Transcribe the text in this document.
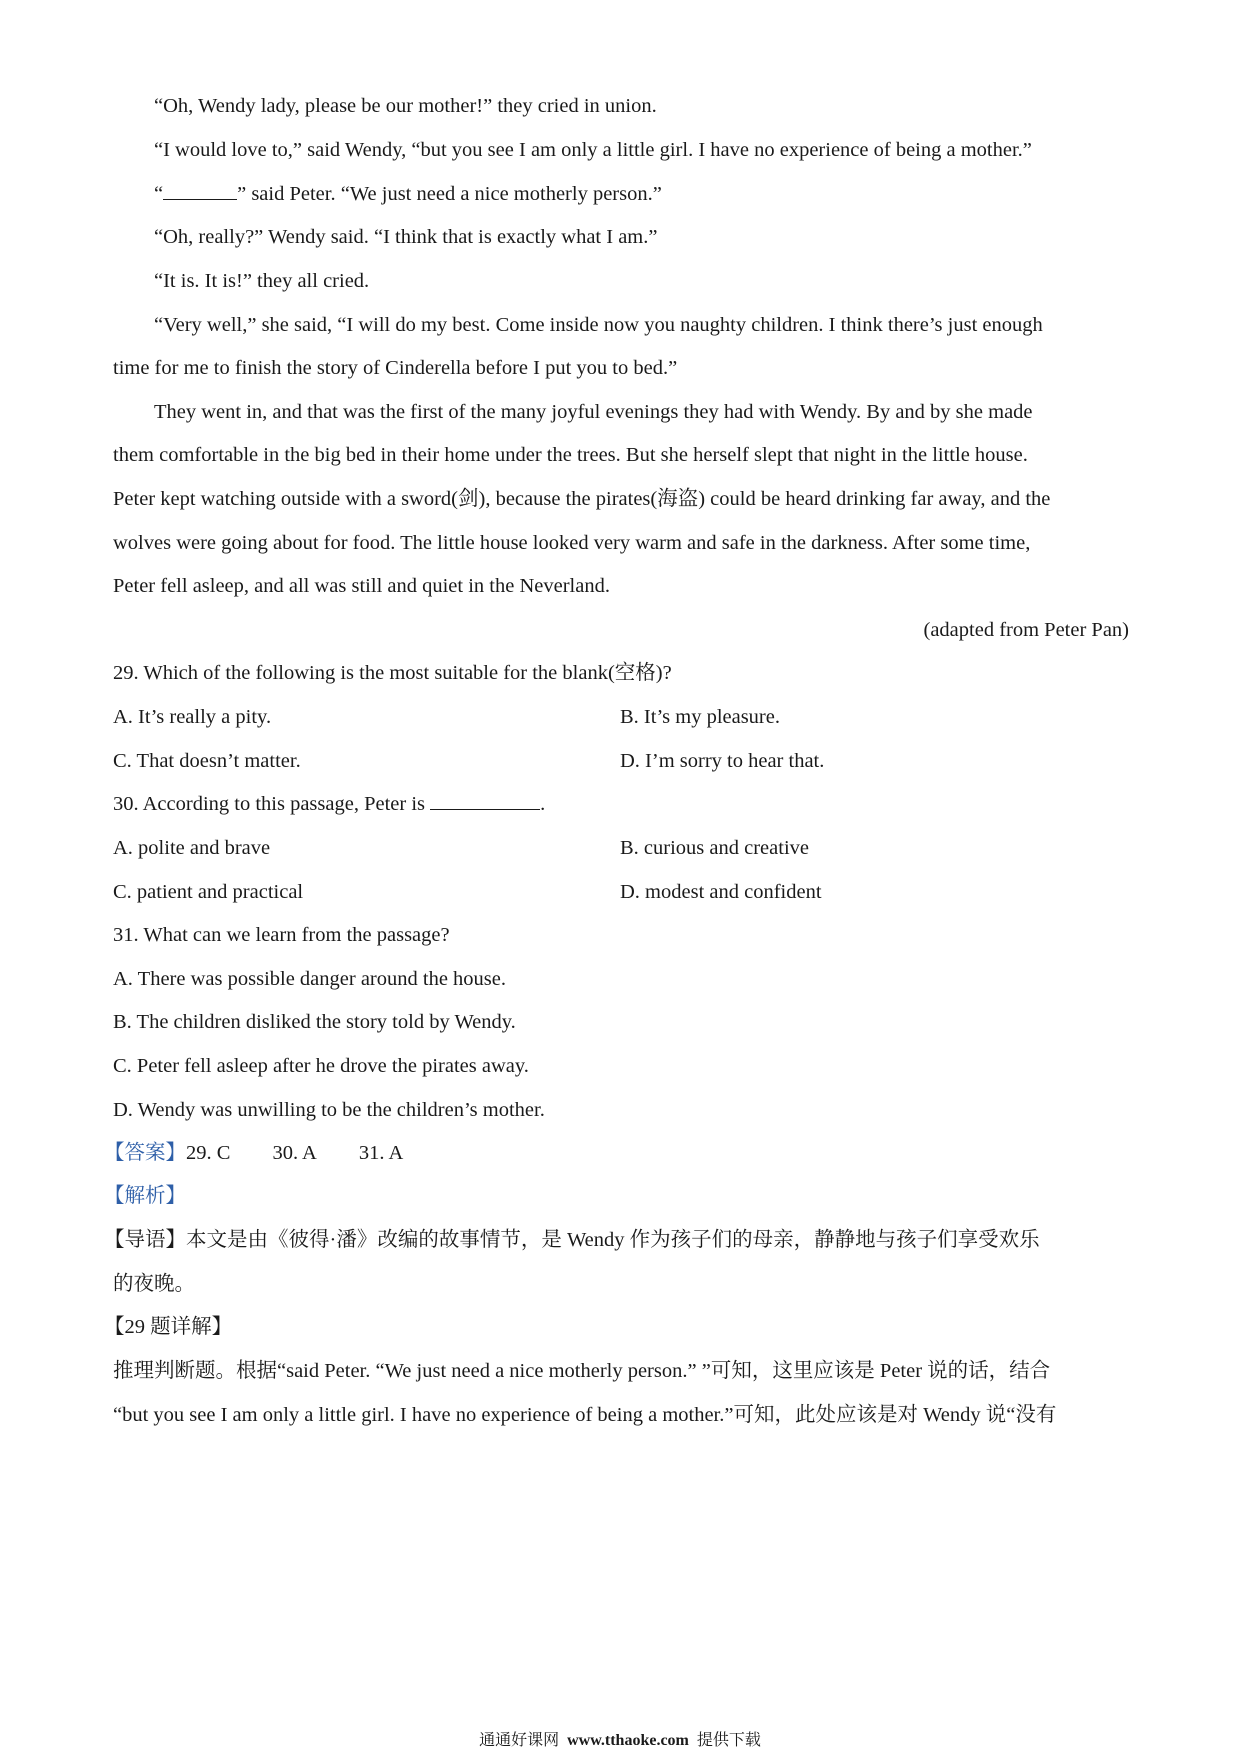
“Oh, Wendy lady, please be our mother!” they cried in union.
“I would love to,” said Wendy, “but you see I am only a little girl. I have no experience of being a mother.”
“	” said Peter. “We just need a nice motherly person.”
“Oh, really?” Wendy said. “I think that is exactly what I am.”
“It is. It is!” they all cried.
“Very well,” she said, “I will do my best. Come inside now you naughty children. I think there’s just enough
time for me to finish the story of Cinderella before I put you to bed.”
They went in, and that was the first of the many joyful evenings they had with Wendy. By and by she made
them comfortable in the big bed in their home under the trees. But she herself slept that night in the little house.
Peter kept watching outside with a sword(剑), because the pirates(海盗) could be heard drinking far away, and the
wolves were going about for food. The little house looked very warm and safe in the darkness. After some time,
Peter fell asleep, and all was still and quiet in the Neverland.
(adapted from Peter Pan)
29. Which of the following is the most suitable for the blank(空格)?
A. It’s really a pity.	B. It’s my pleasure.
C. That doesn’t matter.	D. I’m sorry to hear that.
30. According to this passage, Peter is	.
A. polite and brave	B. curious and creative
C. patient and practical	D. modest and confident
31. What can we learn from the passage?
A. There was possible danger around the house.
B. The children disliked the story told by Wendy.
C. Peter fell asleep after he drove the pirates away.
D. Wendy was unwilling to be the children’s mother.
【答案】29. C 30. A 31. A
【解析】
【导语】本文是由《彼得·潘》改编的故事情节，是 Wendy 作为孩子们的母亲，静静地与孩子们享受欢乐
的夜晚。
【29 题详解】
推理判断题。根据“said Peter. “We just need a nice motherly person.” ”可知，这里应该是 Peter 说的话，结合
“but you see I am only a little girl. I have no experience of being a mother.”可知，此处应该是对 Wendy 说“没有
通通好课网 www.tthaoke.com 提供下载
